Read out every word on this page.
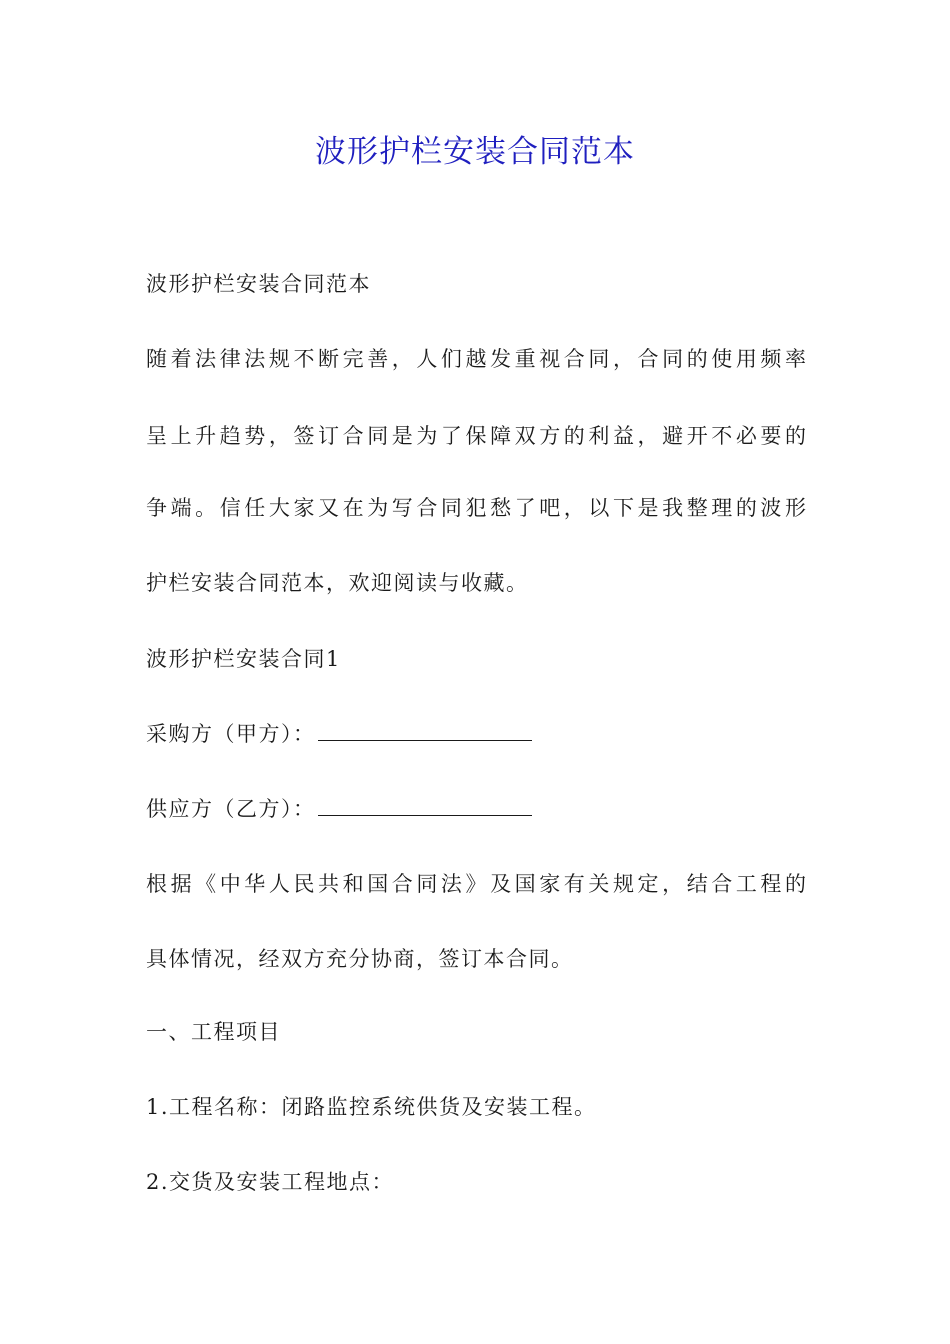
波形护栏安装合同范本

波形护栏安装合同范本

随着法律法规不断完善，人们越发重视合同，合同的使用频率

呈上升趋势，签订合同是为了保障双方的利益，避开不必要的

争端。信任大家又在为写合同犯愁了吧，以下是我整理的波形

护栏安装合同范本，欢迎阅读与收藏。

波形护栏安装合同1

采购方（甲方）：

供应方（乙方）：

根据《中华人民共和国合同法》及国家有关规定，结合工程的

具体情况，经双方充分协商，签订本合同。

一、工程项目

1.工程名称：闭路监控系统供货及安装工程。

2.交货及安装工程地点：
